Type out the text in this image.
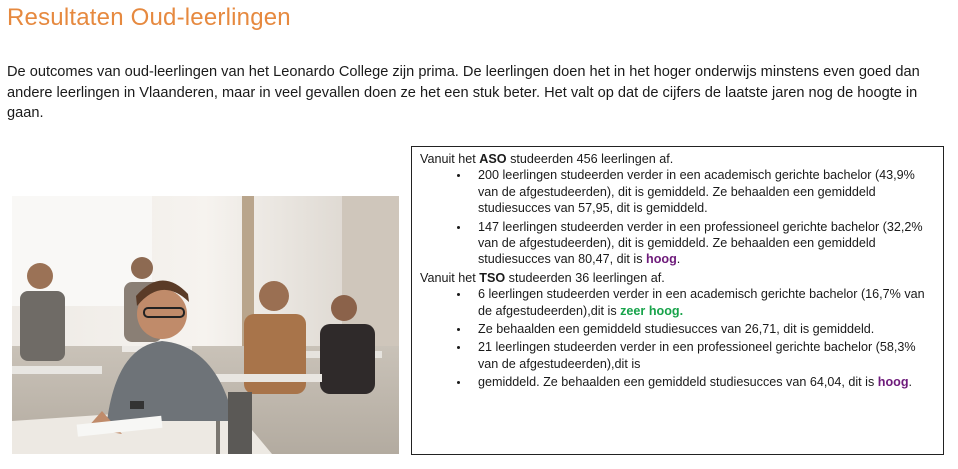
Resultaten Oud-leerlingen

De outcomes van oud-leerlingen van het Leonardo College zijn prima. De leerlingen doen het in het hoger onderwijs minstens even goed dan andere leerlingen in Vlaanderen, maar in veel gevallen doen ze het een stuk beter. Het valt op dat de cijfers de laatste jaren nog de hoogte in gaan.

Vanuit het ASO studeerden 456 leerlingen af.

• 200 leerlingen studeerden verder in een academisch gerichte bachelor (43,9% van de afgestudeerden), dit is gemiddeld. Ze behaalden een gemiddeld studiesucces van 57,95, dit is gemiddeld.
• 147 leerlingen studeerden verder in een professioneel gerichte bachelor (32,2% van de afgestudeerden), dit is gemiddeld. Ze behaalden een gemiddeld studiesucces van 80,47, dit is hoog.

Vanuit het TSO studeerden 36 leerlingen af.

• 6 leerlingen studeerden verder in een academisch gerichte bachelor (16,7% van de afgestudeerden),dit is zeer hoog.
• Ze behaalden een gemiddeld studiesucces van 26,71, dit is gemiddeld.
• 21 leerlingen studeerden verder in een professioneel gerichte bachelor (58,3% van de afgestudeerden),dit is
• gemiddeld. Ze behaalden een gemiddeld studiesucces van 64,04, dit is hoog.
